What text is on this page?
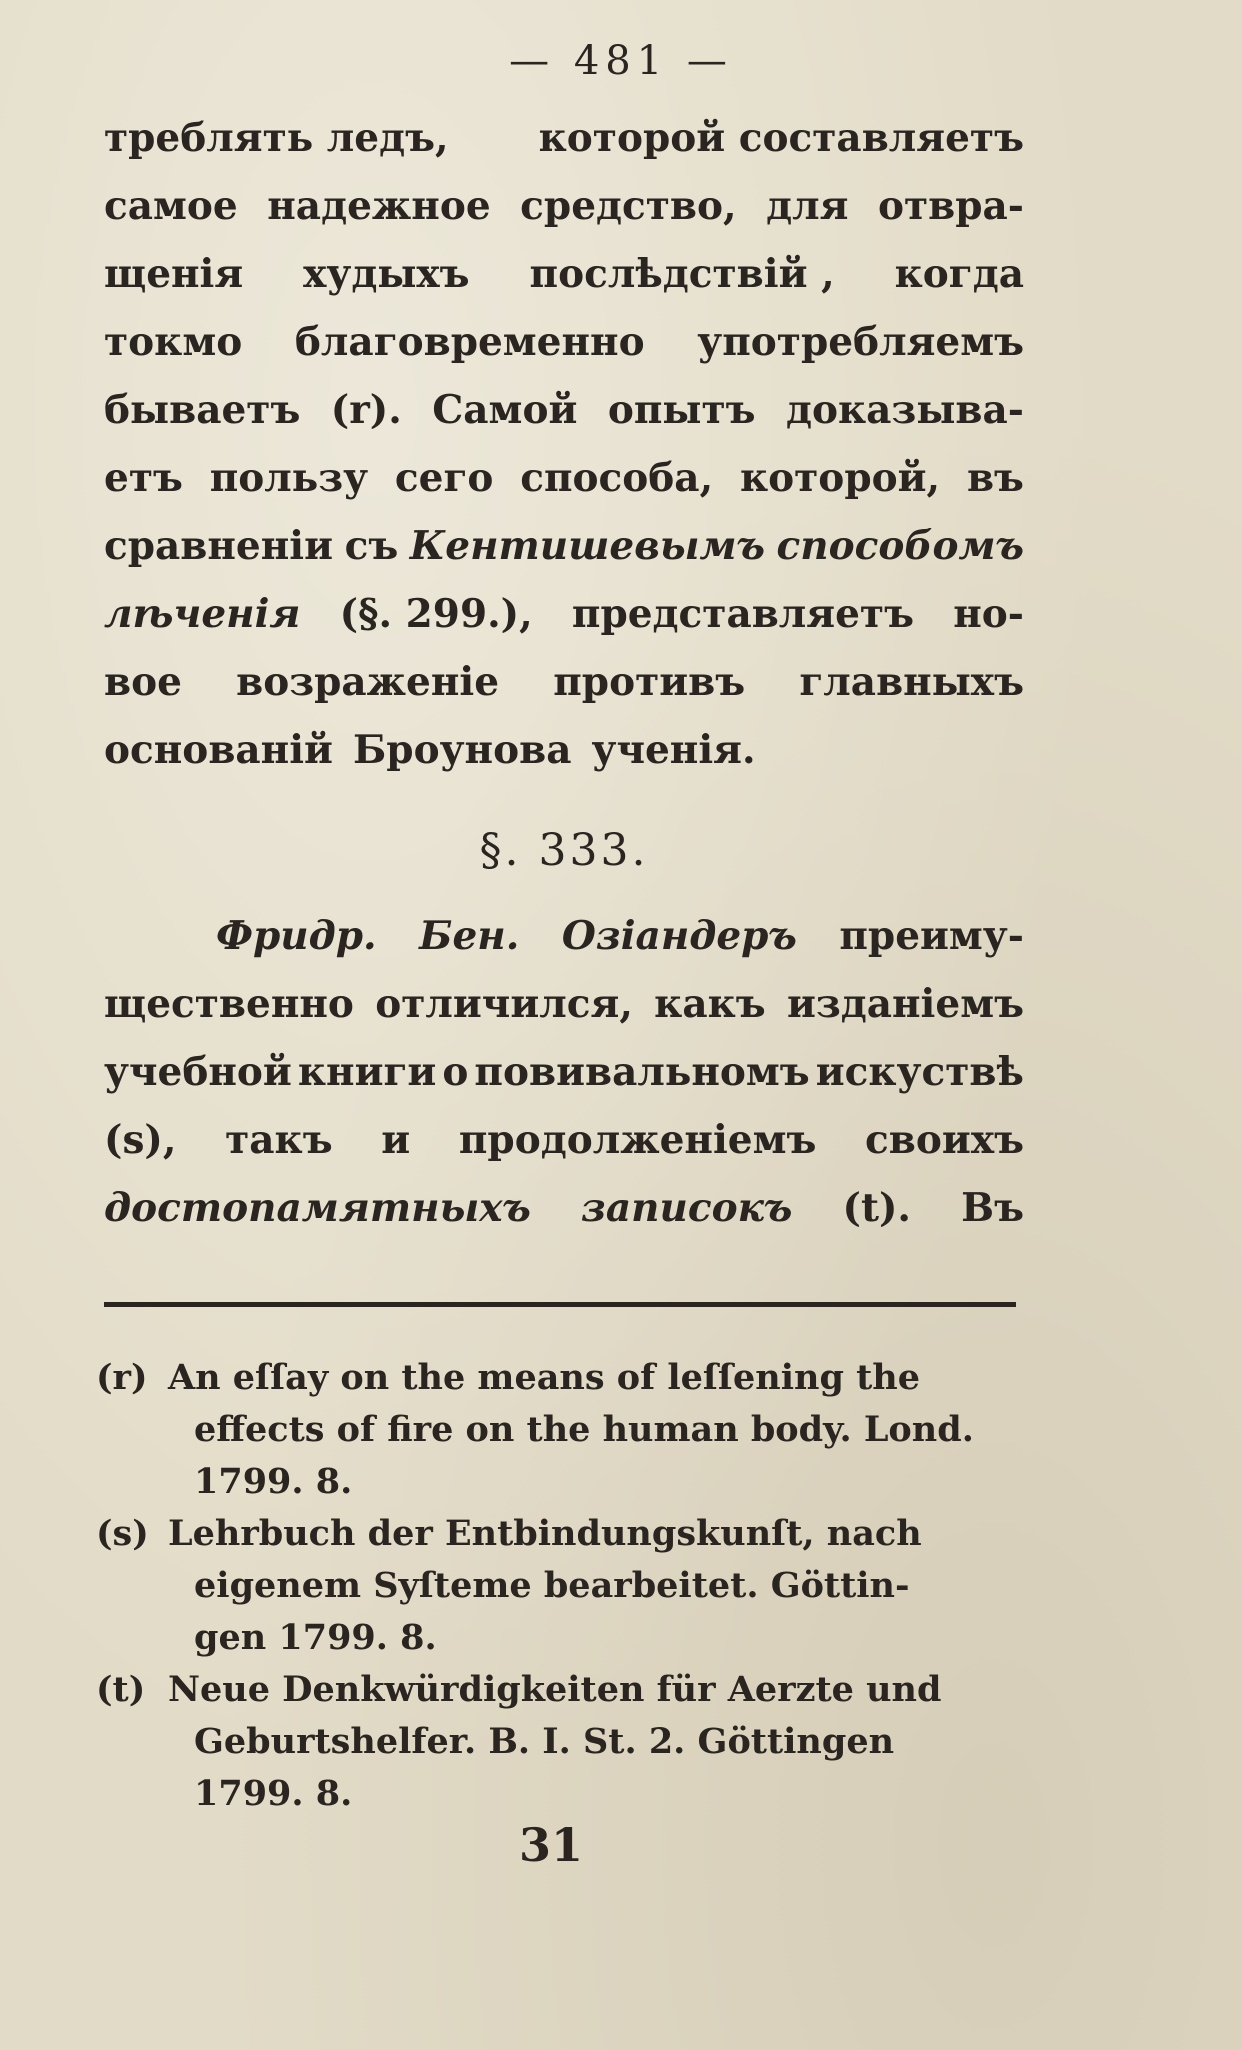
— 481 —
треблять ледъ, которой составляетъ
самое надежное средство, для отвра-
щенія худыхъ послѣдствій , когда
токмо благовременно употребляемъ
бываетъ (r). Самой опытъ доказыва-
етъ пользу сего способа, которой, въ
сравненіи съ Кентишевымъ способомъ
лѣченія (§. 299.), представляетъ но-
вое возраженіе противъ главныхъ
основаній Броунова ученія.
§. 333.
Фридр. Бен. Озіандеръ преиму-
щественно отличился, какъ изданіемъ
учебной книги о повивальномъ искуствѣ
(s), такъ и продолженіемъ своихъ
достопамятныхъ записокъ (t). Въ
(r) An eſſay on the means of leſſening the
effects of fire on the human body. Lond.
1799. 8.
(s) Lehrbuch der Entbindungskunſt, nach
eigenem Syſteme bearbeitet. Göttin-
gen 1799. 8.
(t) Neue Denkwürdigkeiten für Aerzte und
Geburtshelfer. B. I. St. 2. Göttingen
1799. 8.
31
